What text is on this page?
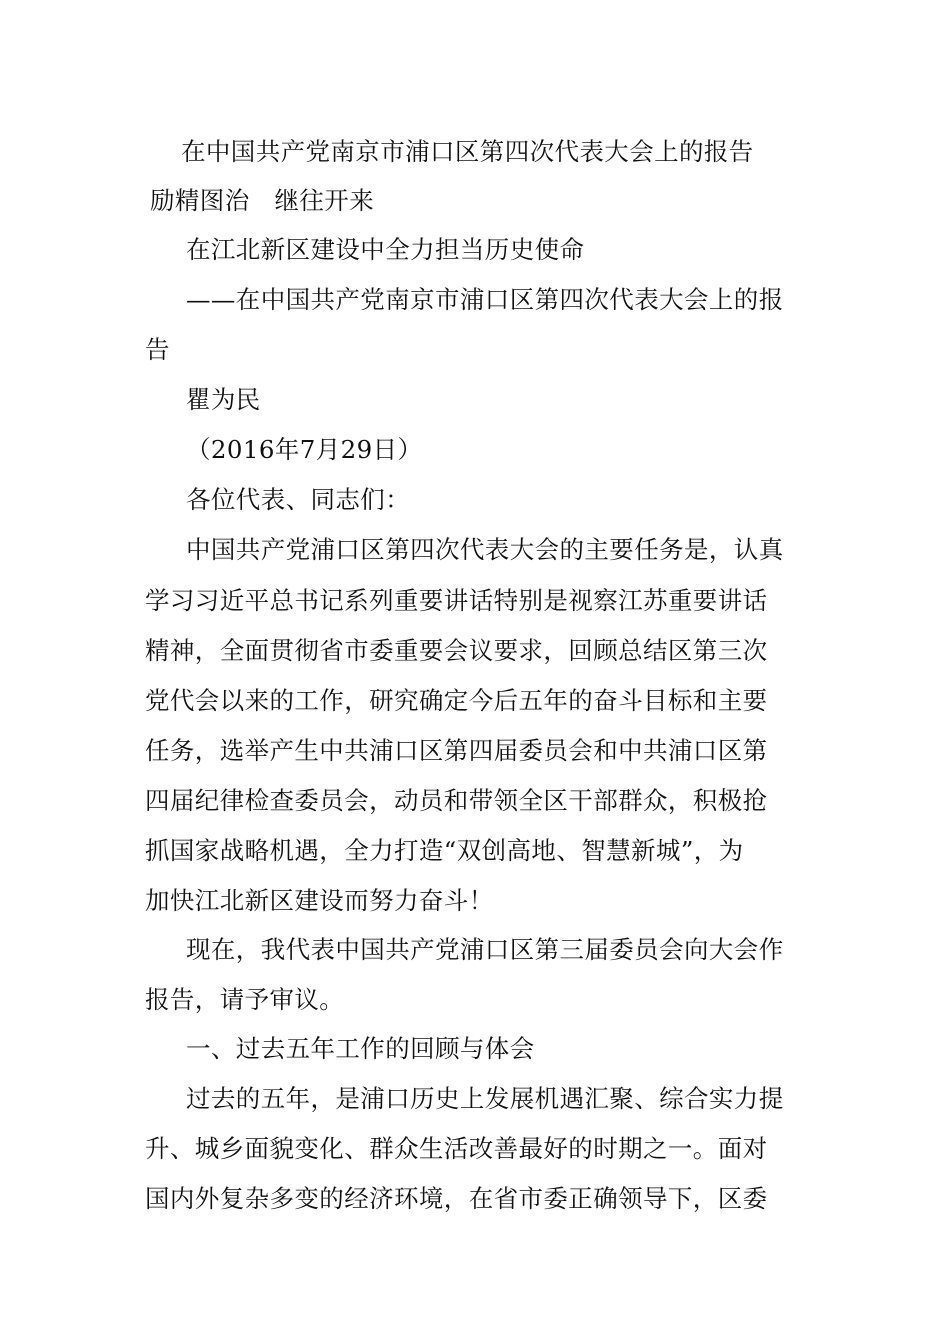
在中国共产党南京市浦口区第四次代表大会上的报告
励精图治　继往开来
在江北新区建设中全力担当历史使命
——在中国共产党南京市浦口区第四次代表大会上的报
告
瞿为民
（2016年7月29日）
各位代表、同志们：
中国共产党浦口区第四次代表大会的主要任务是，认真
学习习近平总书记系列重要讲话特别是视察江苏重要讲话
精神，全面贯彻省市委重要会议要求，回顾总结区第三次
党代会以来的工作，研究确定今后五年的奋斗目标和主要
任务，选举产生中共浦口区第四届委员会和中共浦口区第
四届纪律检查委员会，动员和带领全区干部群众，积极抢
抓国家战略机遇，全力打造“双创高地、智慧新城”，为
加快江北新区建设而努力奋斗！
现在，我代表中国共产党浦口区第三届委员会向大会作
报告，请予审议。
一、过去五年工作的回顾与体会
过去的五年，是浦口历史上发展机遇汇聚、综合实力提
升、城乡面貌变化、群众生活改善最好的时期之一。面对
国内外复杂多变的经济环境，在省市委正确领导下，区委
